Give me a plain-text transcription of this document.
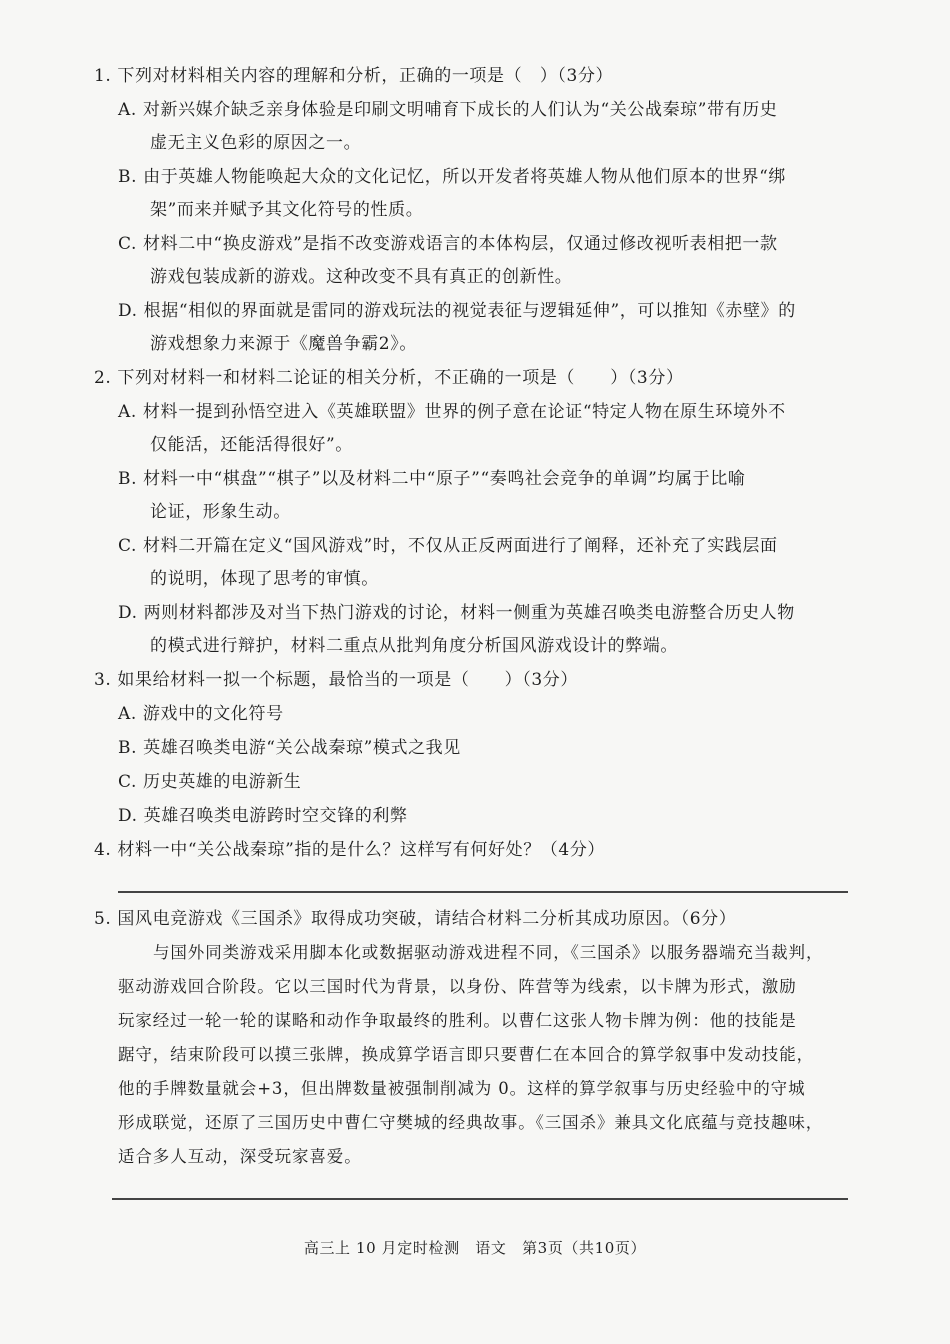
1. 下列对材料相关内容的理解和分析，正确的一项是（　）（3分）
A. 对新兴媒介缺乏亲身体验是印刷文明哺育下成长的人们认为“关公战秦琼”带有历史
虚无主义色彩的原因之一。
B. 由于英雄人物能唤起大众的文化记忆，所以开发者将英雄人物从他们原本的世界“绑
架”而来并赋予其文化符号的性质。
C. 材料二中“换皮游戏”是指不改变游戏语言的本体构层，仅通过修改视听表相把一款
游戏包装成新的游戏。这种改变不具有真正的创新性。
D. 根据“相似的界面就是雷同的游戏玩法的视觉表征与逻辑延伸”，可以推知《赤壁》的
游戏想象力来源于《魔兽争霸2》。
2. 下列对材料一和材料二论证的相关分析，不正确的一项是（　　）（3分）
A. 材料一提到孙悟空进入《英雄联盟》世界的例子意在论证“特定人物在原生环境外不
仅能活，还能活得很好”。
B. 材料一中“棋盘”“棋子”以及材料二中“原子”“奏鸣社会竞争的单调”均属于比喻
论证，形象生动。
C. 材料二开篇在定义“国风游戏”时，不仅从正反两面进行了阐释，还补充了实践层面
的说明，体现了思考的审慎。
D. 两则材料都涉及对当下热门游戏的讨论，材料一侧重为英雄召唤类电游整合历史人物
的模式进行辩护，材料二重点从批判角度分析国风游戏设计的弊端。
3. 如果给材料一拟一个标题，最恰当的一项是（　　）（3分）
A. 游戏中的文化符号
B. 英雄召唤类电游“关公战秦琼”模式之我见
C. 历史英雄的电游新生
D. 英雄召唤类电游跨时空交锋的利弊
4. 材料一中“关公战秦琼”指的是什么？这样写有何好处？（4分）
5. 国风电竞游戏《三国杀》取得成功突破，请结合材料二分析其成功原因。（6分）
与国外同类游戏采用脚本化或数据驱动游戏进程不同，《三国杀》以服务器端充当裁判，
驱动游戏回合阶段。它以三国时代为背景，以身份、阵营等为线索，以卡牌为形式，激励
玩家经过一轮一轮的谋略和动作争取最终的胜利。以曹仁这张人物卡牌为例：他的技能是
踞守，结束阶段可以摸三张牌，换成算学语言即只要曹仁在本回合的算学叙事中发动技能，
他的手牌数量就会+3，但出牌数量被强制削减为 0。这样的算学叙事与历史经验中的守城
形成联觉，还原了三国历史中曹仁守樊城的经典故事。《三国杀》兼具文化底蕴与竞技趣味，
适合多人互动，深受玩家喜爱。
高三上 10 月定时检测　语文　第3页（共10页）
